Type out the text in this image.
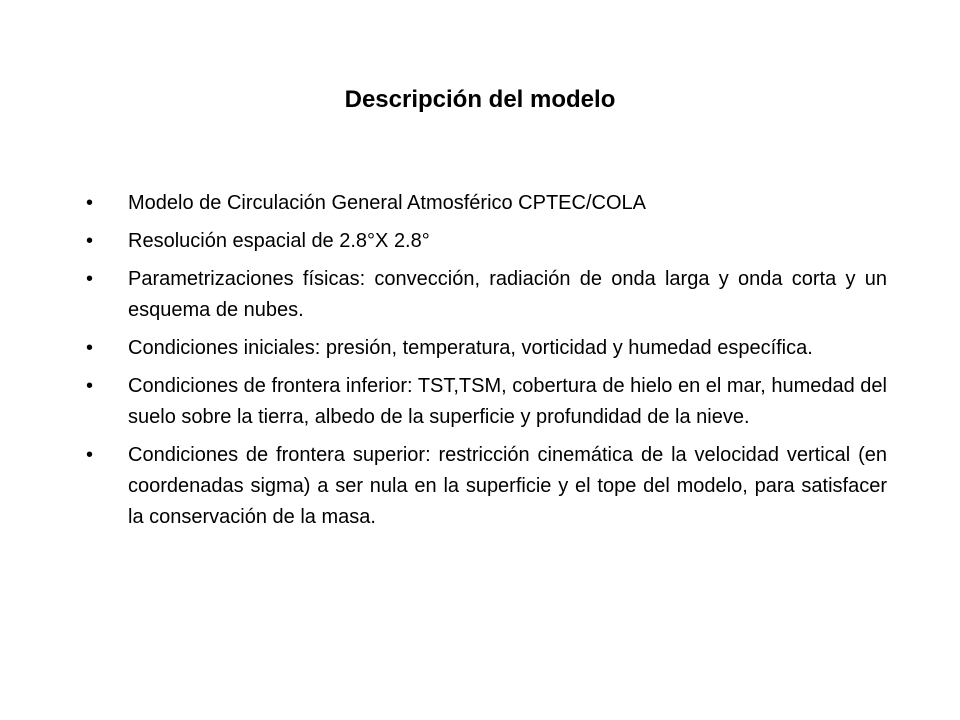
Descripción del modelo
•	Modelo de Circulación General Atmosférico CPTEC/COLA
•	Resolución espacial de 2.8°X 2.8°
•	Parametrizaciones físicas: convección, radiación de onda larga y onda corta y un esquema de nubes.
•	Condiciones iniciales: presión, temperatura, vorticidad y humedad específica.
•	Condiciones de frontera inferior: TST,TSM, cobertura de hielo en el mar, humedad del suelo sobre la tierra, albedo de la superficie y profundidad de la nieve.
•	Condiciones de frontera superior: restricción cinemática de la velocidad vertical (en coordenadas sigma) a ser nula en la superficie y el tope del modelo, para satisfacer la conservación de la masa.
